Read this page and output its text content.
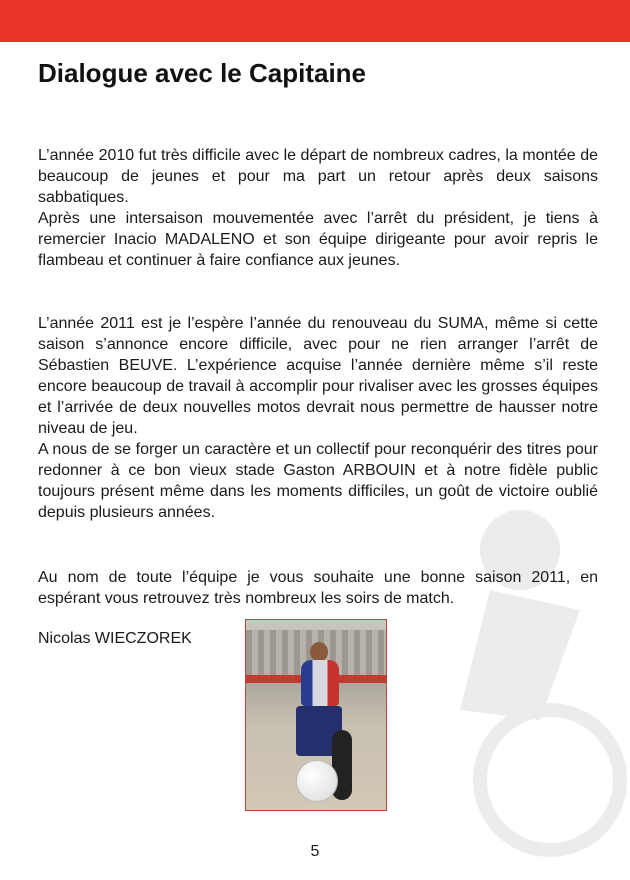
Dialogue avec le Capitaine

L’année 2010 fut très difficile avec le départ de nombreux cadres, la montée de beaucoup de jeunes et pour ma part un retour après deux saisons sabbatiques.

Après une intersaison mouvementée avec l’arrêt du président, je tiens à remercier Inacio MADALENO et son équipe dirigeante pour avoir repris le flambeau et continuer à faire confiance aux jeunes.

L’année 2011 est je l’espère l’année du renouveau du SUMA, même si cette saison s’annonce encore difficile, avec pour ne rien arranger l’arrêt de Sébastien BEUVE. L’expérience acquise l’année dernière même s’il reste encore beaucoup de travail à accomplir pour rivaliser avec les grosses équipes et l’arrivée de deux nouvelles motos devrait nous permettre de hausser notre niveau de jeu.

A nous de se forger un caractère et un collectif pour reconquérir des titres pour redonner à ce bon vieux stade Gaston ARBOUIN et à notre fidèle public toujours présent même dans les moments difficiles, un goût de victoire oublié depuis plusieurs années.

Au nom de toute l’équipe je vous souhaite une bonne saison 2011, en espérant vous retrouvez très nombreux les soirs de match.

Nicolas WIECZOREK
5
